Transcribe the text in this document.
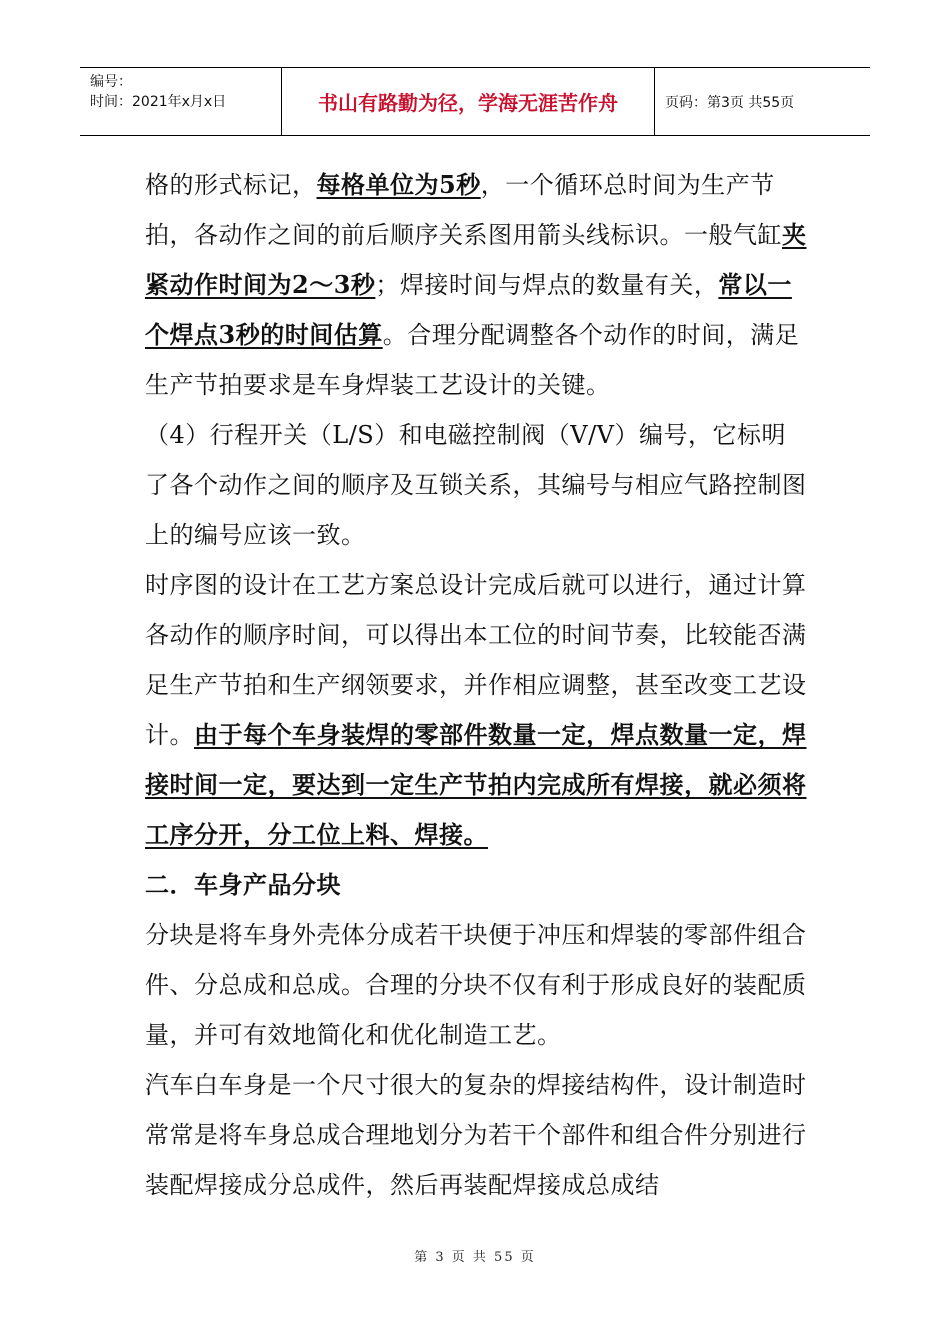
编号：
时间：2021年x月x日	书山有路勤为径，学海无涯苦作舟	页码：第3页 共55页

格的形式标记，每格单位为5秒，一个循环总时间为生产节拍，各动作之间的前后顺序关系图用箭头线标识。一般气缸夹紧动作时间为2～3秒；焊接时间与焊点的数量有关，常以一个焊点3秒的时间估算。合理分配调整各个动作的时间，满足生产节拍要求是车身焊装工艺设计的关键。

（4）行程开关（L/S）和电磁控制阀（V/V）编号，它标明了各个动作之间的顺序及互锁关系，其编号与相应气路控制图上的编号应该一致。

时序图的设计在工艺方案总设计完成后就可以进行，通过计算各动作的顺序时间，可以得出本工位的时间节奏，比较能否满足生产节拍和生产纲领要求，并作相应调整，甚至改变工艺设计。由于每个车身装焊的零部件数量一定，焊点数量一定，焊接时间一定，要达到一定生产节拍内完成所有焊接，就必须将工序分开，分工位上料、焊接。

二．车身产品分块

分块是将车身外壳体分成若干块便于冲压和焊装的零部件组合件、分总成和总成。合理的分块不仅有利于形成良好的装配质量，并可有效地简化和优化制造工艺。

汽车白车身是一个尺寸很大的复杂的焊接结构件，设计制造时常常是将车身总成合理地划分为若干个部件和组合件分别进行装配焊接成分总成件，然后再装配焊接成总成结

第 3 页 共 55 页
